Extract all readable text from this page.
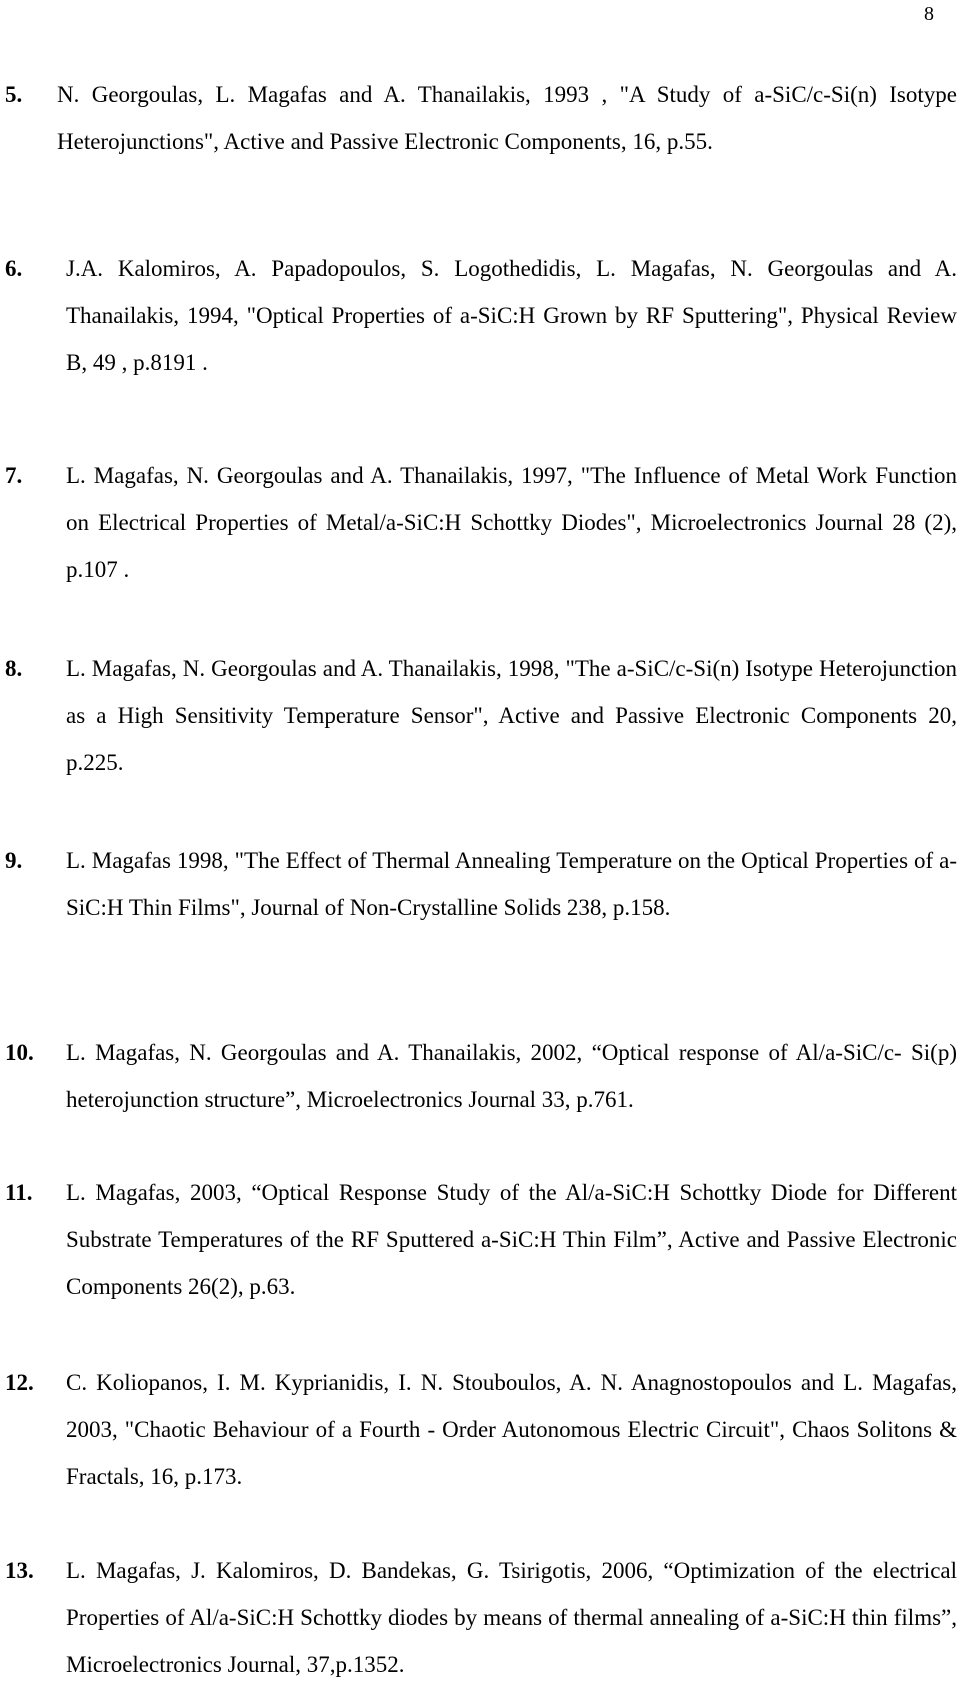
8
5. N. Georgoulas, L. Magafas and A. Thanailakis, 1993 , "A Study of a-SiC/c-Si(n) Isotype Heterojunctions", Active and Passive Electronic Components, 16, p.55.
6. J.A. Kalomiros, A. Papadopoulos, S. Logothedidis, L. Magafas, N. Georgoulas and A. Thanailakis, 1994, "Optical Properties of a-SiC:H Grown by RF Sputtering", Physical Review B, 49 , p.8191 .
7. L. Magafas, N. Georgoulas and A. Thanailakis, 1997, "The Influence of Metal Work Function on Electrical Properties of Metal/a-SiC:H Schottky Diodes", Microelectronics Journal 28 (2), p.107 .
8. L. Magafas, N. Georgoulas and A. Thanailakis, 1998, "The a-SiC/c-Si(n) Isotype Heterojunction as a High Sensitivity Temperature Sensor", Active and Passive Electronic Components 20, p.225.
9. L. Magafas 1998, "The Effect of Thermal Annealing Temperature on the Optical Properties of a-SiC:H Thin Films", Journal of Non-Crystalline Solids 238, p.158.
10. L. Magafas, N. Georgoulas and A. Thanailakis, 2002, “Optical response of Al/a-SiC/c- Si(p) heterojunction structure”, Microelectronics Journal 33, p.761.
11. L. Magafas, 2003, “Optical Response Study of the Al/a-SiC:H Schottky Diode for Different Substrate Temperatures of the RF Sputtered a-SiC:H Thin Film”, Active and Passive Electronic Components 26(2), p.63.
12. C. Koliopanos, I. M. Kyprianidis, I. N. Stouboulos, A. N. Anagnostopoulos and L. Magafas, 2003, "Chaotic Behaviour of a Fourth - Order Autonomous Electric Circuit", Chaos Solitons & Fractals, 16, p.173.
13. L. Magafas, J. Kalomiros, D. Bandekas, G. Tsirigotis, 2006, “Optimization of the electrical Properties of Al/a-SiC:H Schottky diodes by means of thermal annealing of a-SiC:H thin films”, Microelectronics Journal, 37,p.1352.
